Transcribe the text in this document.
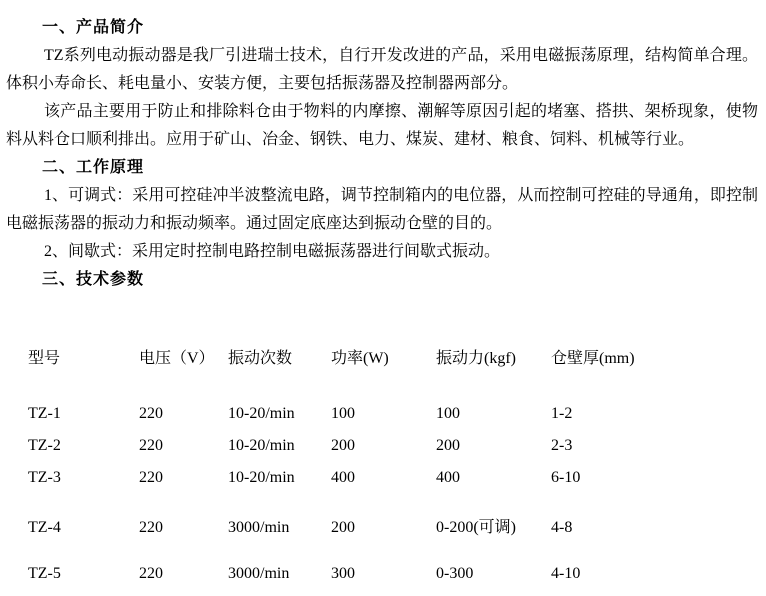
一、产品简介

TZ系列电动振动器是我厂引进瑞士技术，自行开发改进的产品，采用电磁振荡原理，结构简单合理。体积小寿命长、耗电量小、安装方便，主要包括振荡器及控制器两部分。

该产品主要用于防止和排除料仓由于物料的内摩擦、潮解等原因引起的堵塞、搭拱、架桥现象，使物料从料仓口顺利排出。应用于矿山、冶金、钢铁、电力、煤炭、建材、粮食、饲料、机械等行业。

二、工作原理

1、可调式：采用可控硅冲半波整流电路，调节控制箱内的电位器，从而控制可控硅的导通角，即控制电磁振荡器的振动力和振动频率。通过固定底座达到振动仓壁的目的。

2、间歇式：采用定时控制电路控制电磁振荡器进行间歇式振动。

三、技术参数
型号	电压（V） 振动次数	功率(W)	振动力(kgf)	仓壁厚(mm)
TZ-1	220	10-20/min	100	100	1-2
TZ-2	220	10-20/min	200	200	2-3
TZ-3	220	10-20/min	400	400	6-10
TZ-4	220	3000/min	200	0-200(可调)	4-8
TZ-5	220	3000/min	300	0-300	4-10
